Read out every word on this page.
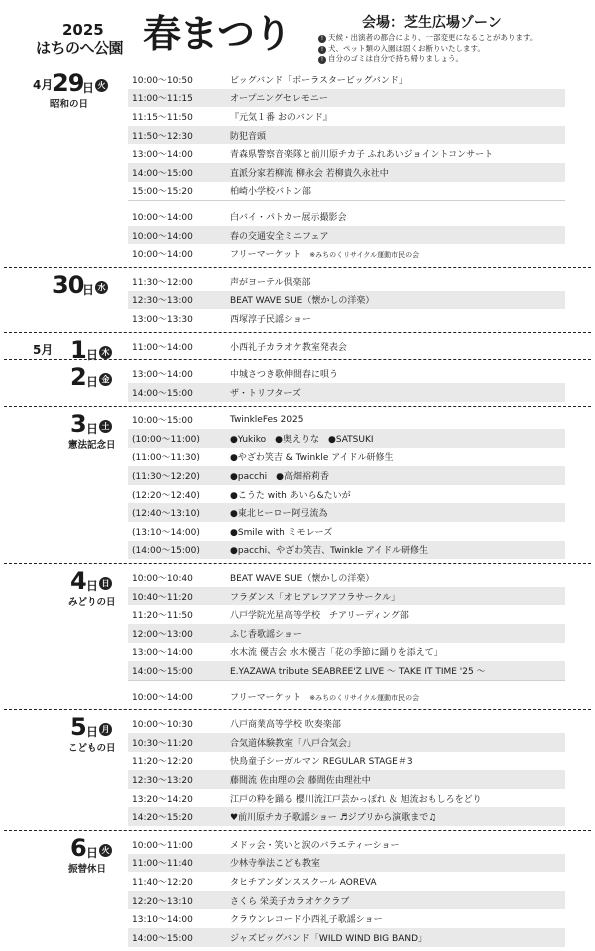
2025
はちのへ公園 春まつり	会場：芝生広場ゾーン
! 天候・出演者の都合により、一部変更になることがあります。
! 犬、ペット類の入園は固くお断りいたします。
! 自分のゴミは自分で持ち帰りましょう。
4月
29
日 火
昭和の日
10:00～10:50	ビッグバンド「ボーラスタービッグバンド」
11:00～11:15	オープニングセレモニー
11:15～11:50	『元気１番 おのバンド』
11:50～12:30	防犯音頭
13:00～14:00	青森県警察音楽隊と前川原チカ子 ふれあいジョイントコンサート
14:00～15:00	直派分家若柳流 柳永会 若柳貴久永社中
15:00～15:20	柏崎小学校バトン部
10:00～14:00	白バイ・パトカー展示撮影会
10:00～14:00	春の交通安全ミニフェア
10:00～14:00	フリーマーケット ※みちのくリサイクル運動市民の会
30
日 水	11:30～12:00	声がヨーテル倶楽部
12:30～13:00	BEAT WAVE SUE（懐かしの洋楽）
13:00～13:30	西塚淳子民謡ショー
5月 1 日 木	11:00～14:00	小西礼子カラオケ教室発表会
2 日 金	13:00～14:00	中城さつき歌伸間春に唄う
14:00～15:00	ザ・トリフターズ
3 日 土
憲法記念日
10:00～15:00	TwinkleFes 2025
(10:00～11:00)	●Yukiko　●奥えりな　●SATSUKI
(11:00～11:30)	●やざわ笑吉 & Twinkle アイドル研修生
(11:30～12:20)	●pacchi　●高畑裕莉香
(12:20～12:40)	●こうた with あいら&たいが
(12:40～13:10)	●東北ヒーロー阿弖流為
(13:10～14:00)	●Smile with ミモレーズ
(14:00～15:00)	●pacchi、やざわ笑吉、Twinkle アイドル研修生
4 日 日
みどりの日
10:00～10:40	BEAT WAVE SUE（懐かしの洋楽）
10:40～11:20	フラダンス「オヒアレフアフラサークル」
11:20～11:50	八戸学院光星高等学校　チアリーディング部
12:00～13:00	ふじ香歌謡ショー
13:00～14:00	水木流 優吉会 水木優吉「花の季節に踊りを添えて」
14:00～15:00	E.YAZAWA tribute SEABREE'Z LIVE ～ TAKE IT TIME '25 ～
10:00～14:00	フリーマーケット ※みちのくリサイクル運動市民の会
5 日 月
こどもの日
10:00～10:30	八戸商業高等学校 吹奏楽部
10:30～11:20	合気道体験教室「八戸合気会」
11:20～12:20	快鳥童子シーガルマン REGULAR STAGE＃3
12:30～13:20	藤間流 佐由理の会 藤間佐由理社中
13:20～14:20	江戸の粋を踊る 櫻川流江戸芸かっぽれ ＆ 旭流おもしろをどり
14:20～15:20	♥前川原チカ子歌謡ショー ♬ジブリから演歌まで♫
6 日 火
振替休日
10:00～11:00	メドッ会・笑いと涙のバラエティーショー
11:00～11:40	少林寺拳法こども教室
11:40～12:20	タヒチアンダンススクール AOREVA
12:20～13:10	さくら 栄美子カラオケクラブ
13:10～14:00	クラウンレコード小西礼子歌謡ショー
14:00～15:00	ジャズビッグバンド「WILD WIND BIG BAND」
